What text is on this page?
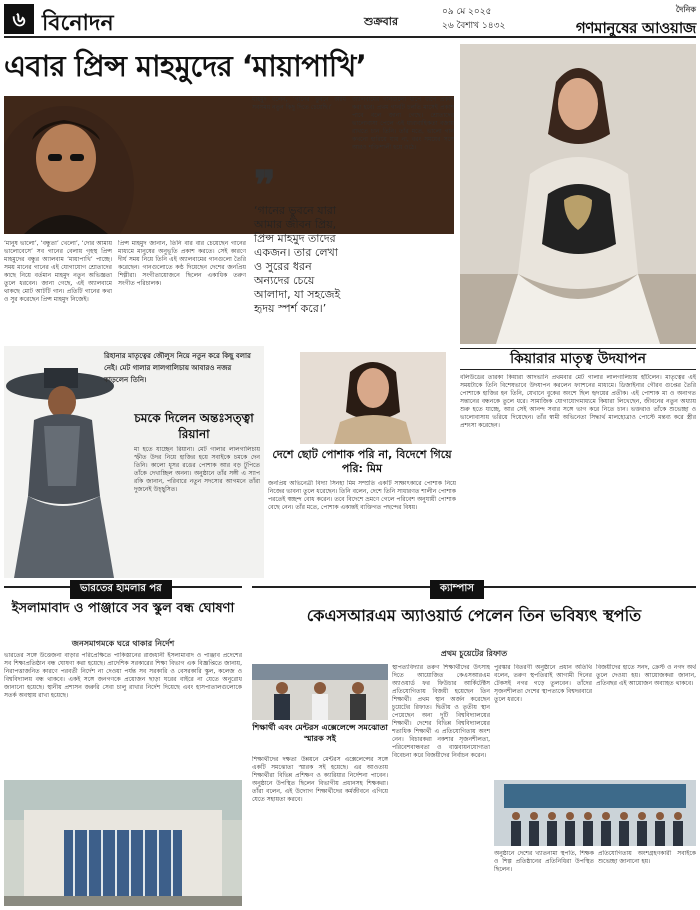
৬ বিনোদন	শুক্রবার
০৯ মে ২০২৫
২৬ বৈশাখ ১৪৩২
দৈনিক
গণমানুষের আওয়াজ
এবার প্রিন্স মাহমুদের ‘মায়াপাখি’
মাহমুদ বলেন, ‘গানের ভুবনে আমি সবসময় নতুন কিছু দিতে চেয়েছি।’
‘মানুষ ভালো’, ‘বন্ধুতা’ খেলো’, ‘দোর আমায় ভালোবেসে’ সব গানের বেলায় গৃহস্থ প্রিন্স মাহমুদের বন্ধুর অ্যালবাম ‘মায়াপাখি’ পাচ্ছে। সময় মানের গানের এই যোগাযোগ শ্রোতাদের কাছে নিয়ে বর্তমান মাহমুদ নতুন অভিজ্ঞতা তুলে ধরবেন। জানা গেছে, এই অ্যালবামে থাকছে মোট আটটি গান। প্রতিটি গানের কথা ও সুর করেছেন প্রিন্স মাহমুদ নিজেই।
প্রিন্স মাহমুদ জানান, তিনি বার বার চেয়েছেন গানের মাধ্যমে মানুষের অনুভূতি প্রকাশ করতে। সেই কারণে দীর্ঘ সময় নিয়ে তিনি এই অ্যালবামের গানগুলো তৈরি করেছেন। গানগুলোতে কণ্ঠ দিয়েছেন দেশের জনপ্রিয় শিল্পীরা। সংগীতায়োজনে ছিলেন একাধিক তরুণ সংগীত পরিচালক।
অ্যালবামের গানগুলো ধাপে ধাপে প্রকাশ করা হবে। প্রথম গানটি চলতি মাসেই প্রকাশ পাবে বলে জানা গেছে। শ্রোতাদের ভালোবাসা পেলে এই ধারাবাহিকতা বজায় রাখতে চান তিনি। তাঁর মতে, ভালো গান কখনো হারিয়ে যায় না, বরং সময়ের সঙ্গে আরও শক্তিশালী হয়ে ওঠে।
❞
‘গানের ভুবনে যারা আমার জীবন প্রিয়, প্রিন্স মাহমুদ তাদের একজন। তার লেখা ও সুরের ধরন অন্যদের চেয়ে আলাদা, যা সহজেই হৃদয় স্পর্শ করে।’
কিয়ারার মাতৃত্ব উদযাপন
বলিউডের তারকা কিয়ারা আদভানি প্রথমবার মেট গালার লালগালিচায় হাঁটলেন। মাতৃত্বের এই সময়টাকে তিনি বিশেষভাবে উদযাপন করলেন ফ্যাশনের মাধ্যমে। ডিজাইনার গৌরব গুপ্তের তৈরি পোশাকে হাজির হন তিনি, যেখানে বুকের অংশে ছিল হৃদয়ের প্রতীক। এই পোশাক মা ও অনাগত সন্তানের বন্ধনকে তুলে ধরে। সামাজিক যোগাযোগমাধ্যমে কিয়ারা লিখেছেন, জীবনের নতুন অধ্যায় শুরু হতে যাচ্ছে, আর সেই আনন্দ সবার সঙ্গে ভাগ করে নিতে চান। ভক্তরাও তাঁকে শুভেচ্ছা ও ভালোবাসায় ভরিয়ে দিয়েছেন। তাঁর স্বামী অভিনেতা সিদ্ধার্থ মালহোত্রাও পোস্টে মন্তব্য করে স্ত্রীর প্রশংসা করেছেন।
রিহানার মাতৃত্বের জৌলুস নিয়ে নতুন করে কিছু বলার নেই। মেট গালার লালগালিচায় আবারও নজর কাড়লেন তিনি।
চমকে দিলেন অন্তঃসত্ত্বা রিয়ানা
মা হতে যাচ্ছেন রিয়ানা। মেট গালার লালগালিচায় স্ফীত উদর নিয়ে হাজির হয়ে সবাইকে চমকে দেন তিনি। কালো ধূসর রঙের পোশাক আর বড় টুপিতে তাঁকে দেখাচ্ছিল অনন্য। অনুষ্ঠানে তাঁর সঙ্গী এ স্যাপ রকি জানান, পরিবারে নতুন সদস্যের আগমনে তাঁরা দুজনেই উচ্ছ্বসিত।
দেশে ছোট পোশাক পরি না, বিদেশে গিয়ে পরি: মিম
জনপ্রিয় অভিনেত্রী বিদ্যা সিনহা মিম সম্প্রতি একটি সাক্ষাৎকারে পোশাক নিয়ে নিজের ভাবনা তুলে ধরেছেন। তিনি বলেন, দেশে তিনি সাধারণত শালীন পোশাক পরতেই স্বচ্ছন্দ বোধ করেন। তবে বিদেশে ভ্রমণে গেলে পরিবেশ অনুযায়ী পোশাক বেছে নেন। তাঁর মতে, পোশাক একান্তই ব্যক্তিগত পছন্দের বিষয়।
ভারতের হামলার পর	ক্যাম্পাস
ইসলামাবাদ ও পাঞ্জাবে সব স্কুল বন্ধ ঘোষণা
জনসমাগমকে ঘরে থাকার নির্দেশ
ভারতের সঙ্গে উত্তেজনা বাড়ার পরিপ্রেক্ষিতে পাকিস্তানের রাজধানী ইসলামাবাদ ও পাঞ্জাব প্রদেশের সব শিক্ষাপ্রতিষ্ঠান বন্ধ ঘোষণা করা হয়েছে। প্রাদেশিক সরকারের শিক্ষা বিভাগ এক বিজ্ঞপ্তিতে জানায়, নিরাপত্তাজনিত কারণে পরবর্তী নির্দেশ না দেওয়া পর্যন্ত সব সরকারি ও বেসরকারি স্কুল, কলেজ ও বিশ্ববিদ্যালয় বন্ধ থাকবে। একই সঙ্গে জনগণকে প্রয়োজন ছাড়া ঘরের বাইরে না যেতে অনুরোধ জানানো হয়েছে। স্থানীয় প্রশাসন জরুরি সেবা চালু রাখার নির্দেশ দিয়েছে এবং হাসপাতালগুলোকে সতর্ক অবস্থায় রাখা হয়েছে।
কেএসআরএম অ্যাওয়ার্ড পেলেন তিন ভবিষ্যৎ স্থপতি
প্রথম চুয়েটের রিফাত
শিক্ষার্থী এবং মেন্টরস এক্সেলেন্সে সমঝোতা স্মারক সই
শিক্ষার্থীদের দক্ষতা উন্নয়নে মেন্টরস এক্সেলেন্সের সঙ্গে একটি সমঝোতা স্মারক সই হয়েছে। এর আওতায় শিক্ষার্থীরা বিভিন্ন প্রশিক্ষণ ও ক্যারিয়ার নির্দেশনা পাবেন। অনুষ্ঠানে উপস্থিত ছিলেন বিভাগীয় প্রধানসহ শিক্ষকরা। তাঁরা বলেন, এই উদ্যোগ শিক্ষার্থীদের কর্মজীবনে এগিয়ে যেতে সহায়তা করবে।
স্থাপত্যবিদ্যার তরুণ শিক্ষার্থীদের উৎসাহ দিতে আয়োজিত কেএসআরএম অ্যাওয়ার্ড ফর ফিউচার আর্কিটেক্টস প্রতিযোগিতায় বিজয়ী হয়েছেন তিন শিক্ষার্থী। প্রথম স্থান অর্জন করেছেন চুয়েটের রিফাত। দ্বিতীয় ও তৃতীয় স্থান পেয়েছেন অন্য দুটি বিশ্ববিদ্যালয়ের শিক্ষার্থী। দেশের বিভিন্ন বিশ্ববিদ্যালয়ের শতাধিক শিক্ষার্থী এ প্রতিযোগিতায় অংশ নেন। বিচারকরা নকশার সৃজনশীলতা, পরিবেশবান্ধবতা ও বাস্তবায়নযোগ্যতা বিবেচনা করে বিজয়ীদের নির্বাচন করেন।
পুরস্কার বিতরণী অনুষ্ঠানে প্রধান অতিথি বলেন, তরুণ স্থপতিরাই আগামী দিনের টেকসই নগর গড়ে তুলবেন। তাঁদের সৃজনশীলতা দেশের স্থাপত্যকে বিশ্বদরবারে তুলে ধরবে।
বিজয়ীদের হাতে সনদ, ক্রেস্ট ও নগদ অর্থ তুলে দেওয়া হয়। আয়োজকরা জানান, প্রতিবছর এই আয়োজন অব্যাহত থাকবে।
অনুষ্ঠানে দেশের খ্যাতনামা স্থপতি, শিক্ষক ও শিল্প প্রতিষ্ঠানের প্রতিনিধিরা উপস্থিত ছিলেন।
প্রতিযোগিতায় অংশগ্রহণকারী সবাইকে শুভেচ্ছা জানানো হয়।
